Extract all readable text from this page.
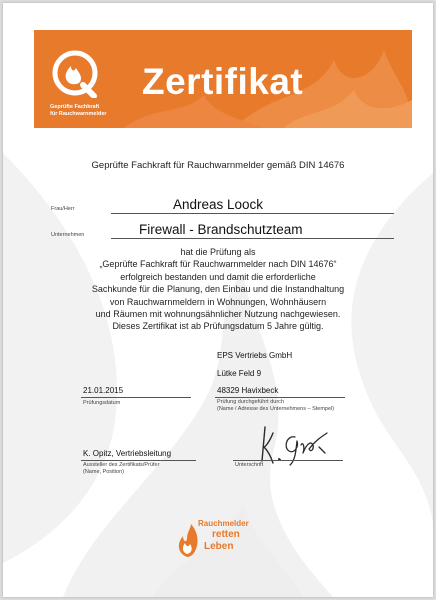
Geprüfte Fachkraft
für Rauchwarnmelder
Zertifikat
Geprüfte Fachkraft für Rauchwarnmelder gemäß DIN 14676
Frau/Herr	Andreas Loock
Unternehmen	Firewall - Brandschutzteam
hat die Prüfung als
„Geprüfte Fachkraft für Rauchwarnmelder nach DIN 14676“
erfolgreich bestanden und damit die erforderliche
Sachkunde für die Planung, den Einbau und die Instandhaltung
von Rauchwarnmeldern in Wohnungen, Wohnhäusern
und Räumen mit wohnungsähnlicher Nutzung nachgewiesen.
Dieses Zertifikat ist ab Prüfungsdatum 5 Jahre gültig.
EPS Vertriebs GmbH
Lütke Feld 9
48329 Havixbeck
Prüfung durchgeführt durch
(Name / Adresse des Unternehmens – Stempel)
21.01.2015
Prüfungsdatum
K. Opitz, Vertriebsleitung
Aussteller des Zertifikats/Prüfer
(Name, Position)
Unterschrift
Rauchmelder
retten
Leben
